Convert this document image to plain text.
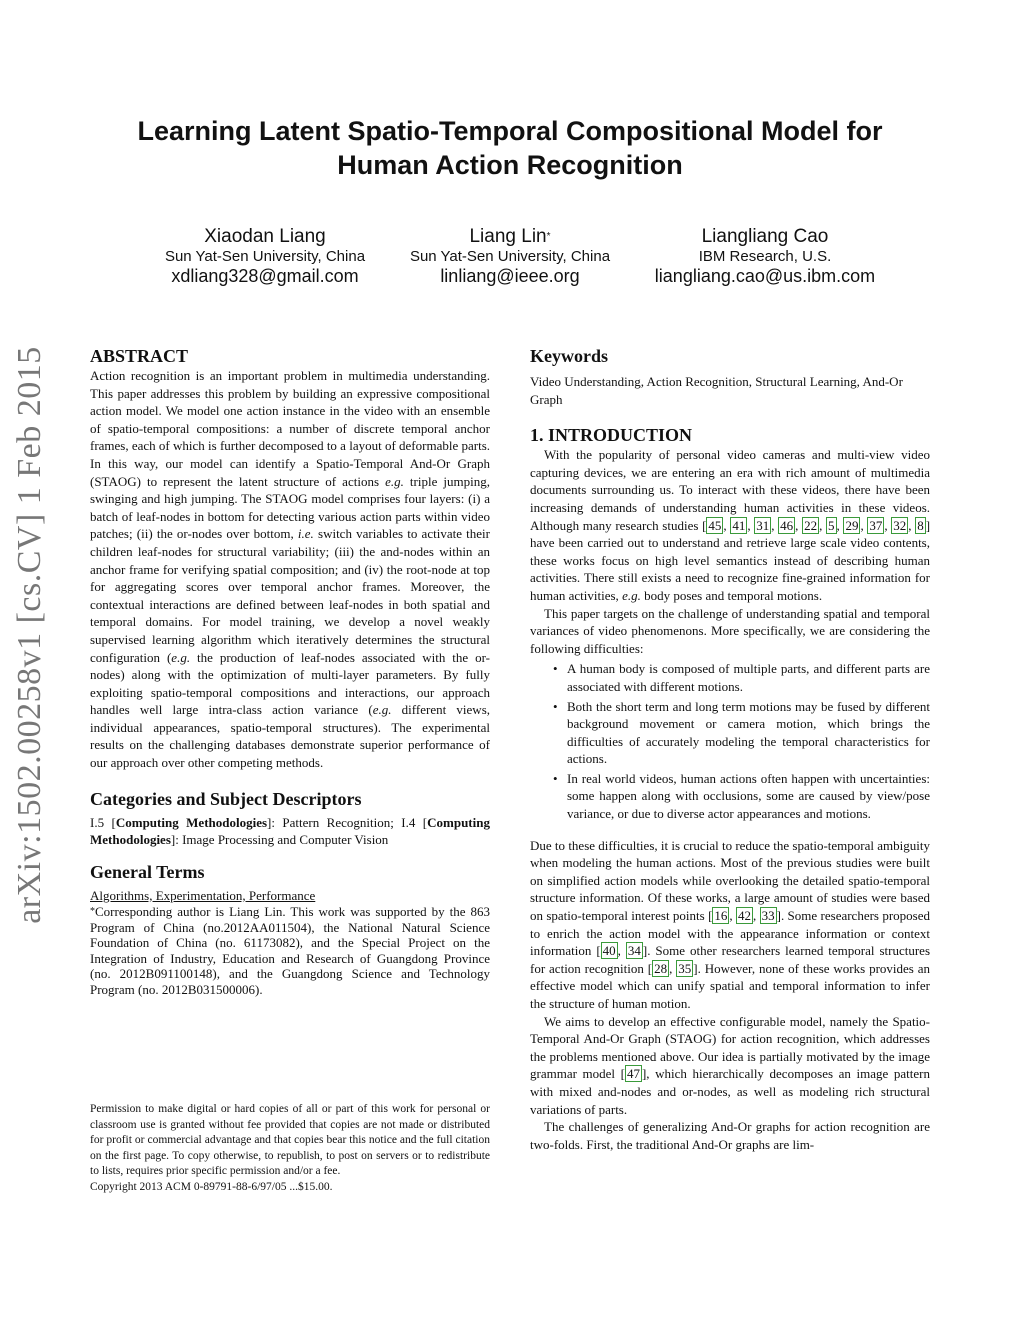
Learning Latent Spatio-Temporal Compositional Model for
Human Action Recognition
Xiaodan Liang
Sun Yat-Sen University, China
xdliang328@gmail.com
Liang Lin*
Sun Yat-Sen University, China
linliang@ieee.org
Liangliang Cao
IBM Research, U.S.
liangliang.cao@us.ibm.com
arXiv:1502.00258v1 [cs.CV] 1 Feb 2015 ABSTRACT

Action recognition is an important problem in multimedia understanding. This paper addresses this problem by building an expressive compositional action model. We model one action instance in the video with an ensemble of spatio-temporal compositions: a number of discrete temporal anchor frames, each of which is further decomposed to a layout of deformable parts. In this way, our model can identify a Spatio-Temporal And-Or Graph (STAOG) to represent the latent structure of actions e.g. triple jumping, swinging and high jumping. The STAOG model comprises four layers: (i) a batch of leaf-nodes in bottom for detecting various action parts within video patches; (ii) the or-nodes over bottom, i.e. switch variables to activate their children leaf-nodes for structural variability; (iii) the and-nodes within an anchor frame for verifying spatial composition; and (iv) the root-node at top for aggregating scores over temporal anchor frames. Moreover, the contextual interactions are defined between leaf-nodes in both spatial and temporal domains. For model training, we develop a novel weakly supervised learning algorithm which iteratively determines the structural configuration (e.g. the production of leaf-nodes associated with the or-nodes) along with the optimization of multi-layer parameters. By fully exploiting spatio-temporal compositions and interactions, our approach handles well large intra-class action variance (e.g. different views, individual appearances, spatio-temporal structures). The experimental results on the challenging databases demonstrate superior performance of our approach over other competing methods.

Categories and Subject Descriptors

I.5 [Computing Methodologies]: Pattern Recognition; I.4 [Computing Methodologies]: Image Processing and Computer Vision

General Terms

Algorithms, Experimentation, Performance

*Corresponding author is Liang Lin. This work was supported by the 863 Program of China (no.2012AA011504), the National Natural Science Foundation of China (no. 61173082), and the Special Project on the Integration of Industry, Education and Research of Guangdong Province (no. 2012B091100148), and the Guangdong Science and Technology Program (no. 2012B031500006).

Permission to make digital or hard copies of all or part of this work for personal or classroom use is granted without fee provided that copies are not made or distributed for profit or commercial advantage and that copies bear this notice and the full citation on the first page. To copy otherwise, to republish, to post on servers or to redistribute to lists, requires prior specific permission and/or a fee.

Copyright 2013 ACM 0-89791-88-6/97/05 ...$15.00.

Keywords

Video Understanding, Action Recognition, Structural Learning, And-Or Graph

1. INTRODUCTION

With the popularity of personal video cameras and multi-view video capturing devices, we are entering an era with rich amount of multimedia documents surrounding us. To interact with these videos, there have been increasing demands of understanding human activities in these videos. Although many research studies [ 45 , 41 , 31 , 46 , 22 , 5 , 29 , 37 , 32 , 8 ] have been carried out to understand and retrieve large scale video contents, these works focus on high level semantics instead of describing human activities. There still exists a need to recognize fine-grained information for human activities, e.g. body poses and temporal motions.

This paper targets on the challenge of understanding spatial and temporal variances of video phenomenons. More specifically, we are considering the following difficulties:

• A human body is composed of multiple parts, and different parts are associated with different motions.

• Both the short term and long term motions may be fused by different background movement or camera motion, which brings the difficulties of accurately modeling the temporal characteristics for actions.

• In real world videos, human actions often happen with uncertainties: some happen along with occlusions, some are caused by view/pose variance, or due to diverse actor appearances and motions.

Due to these difficulties, it is crucial to reduce the spatio-temporal ambiguity when modeling the human actions. Most of the previous studies were built on simplified action models while overlooking the detailed spatio-temporal structure information. Of these works, a large amount of studies were based on spatio-temporal interest points [ 16 , 42 , 33 ]. Some researchers proposed to enrich the action model with the appearance information or context information [ 40 , 34 ]. Some other researchers learned temporal structures for action recognition [ 28 , 35 ]. However, none of these works provides an effective model which can unify spatial and temporal information to infer the structure of human motion.

We aims to develop an effective configurable model, namely the Spatio-Temporal And-Or Graph (STAOG) for action recognition, which addresses the problems mentioned above. Our idea is partially motivated by the image grammar model [ 47 ], which hierarchically decomposes an image pattern with mixed and-nodes and or-nodes, as well as modeling rich structural variations of parts.

The challenges of generalizing And-Or graphs for action recognition are two-folds. First, the traditional And-Or graphs are lim-
